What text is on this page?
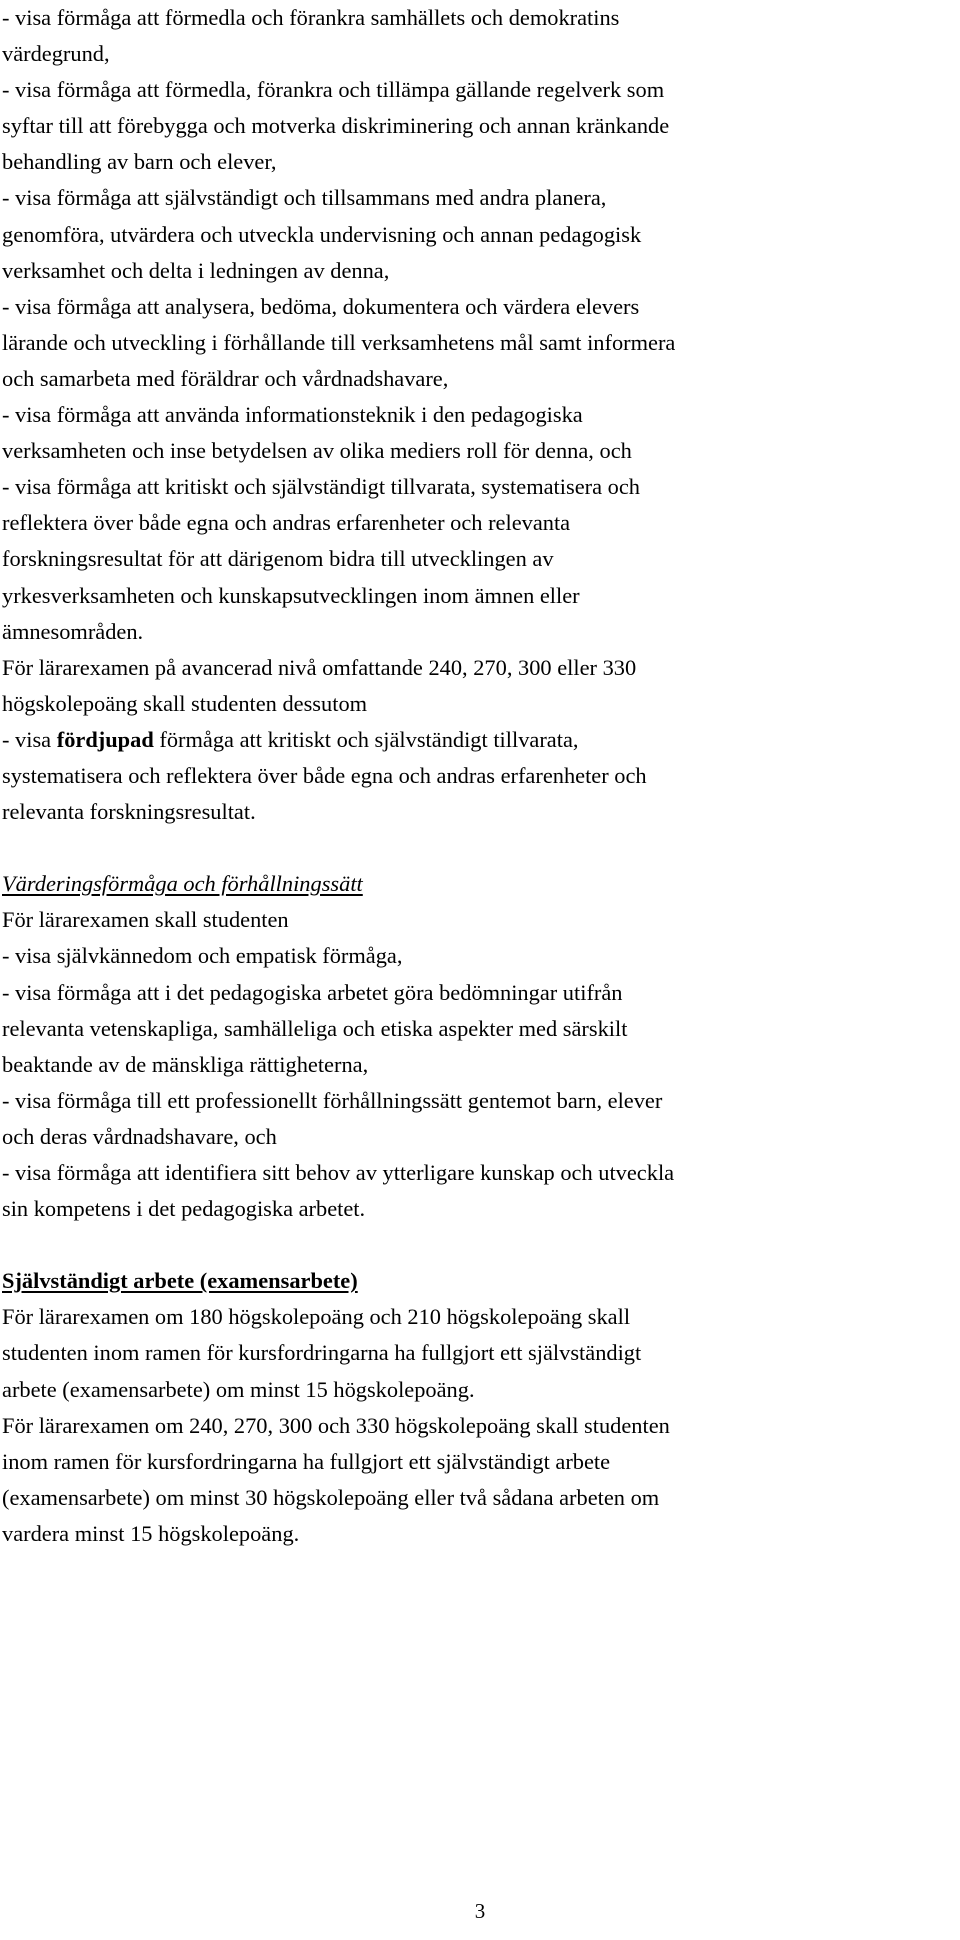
- visa förmåga att förmedla och förankra samhällets och demokratins
värdegrund,
- visa förmåga att förmedla, förankra och tillämpa gällande regelverk som
syftar till att förebygga och motverka diskriminering och annan kränkande
behandling av barn och elever,
- visa förmåga att självständigt och tillsammans med andra planera,
genomföra, utvärdera och utveckla undervisning och annan pedagogisk
verksamhet och delta i ledningen av denna,
- visa förmåga att analysera, bedöma, dokumentera och värdera elevers
lärande och utveckling i förhållande till verksamhetens mål samt informera
och samarbeta med föräldrar och vårdnadshavare,
- visa förmåga att använda informationsteknik i den pedagogiska
verksamheten och inse betydelsen av olika mediers roll för denna, och
- visa förmåga att kritiskt och självständigt tillvarata, systematisera och
reflektera över både egna och andras erfarenheter och relevanta
forskningsresultat för att därigenom bidra till utvecklingen av
yrkesverksamheten och kunskapsutvecklingen inom ämnen eller
ämnesområden.
För lärarexamen på avancerad nivå omfattande 240, 270, 300 eller 330
högskolepoäng skall studenten dessutom
- visa fördjupad förmåga att kritiskt och självständigt tillvarata,
systematisera och reflektera över både egna och andras erfarenheter och
relevanta forskningsresultat.
Värderingsförmåga och förhållningssätt
För lärarexamen skall studenten
- visa självkännedom och empatisk förmåga,
- visa förmåga att i det pedagogiska arbetet göra bedömningar utifrån
relevanta vetenskapliga, samhälleliga och etiska aspekter med särskilt
beaktande av de mänskliga rättigheterna,
- visa förmåga till ett professionellt förhållningssätt gentemot barn, elever
och deras vårdnadshavare, och
- visa förmåga att identifiera sitt behov av ytterligare kunskap och utveckla
sin kompetens i det pedagogiska arbetet.
Självständigt arbete (examensarbete)
För lärarexamen om 180 högskolepoäng och 210 högskolepoäng skall
studenten inom ramen för kursfordringarna ha fullgjort ett självständigt
arbete (examensarbete) om minst 15 högskolepoäng.
För lärarexamen om 240, 270, 300 och 330 högskolepoäng skall studenten
inom ramen för kursfordringarna ha fullgjort ett självständigt arbete
(examensarbete) om minst 30 högskolepoäng eller två sådana arbeten om
vardera minst 15 högskolepoäng.
3
